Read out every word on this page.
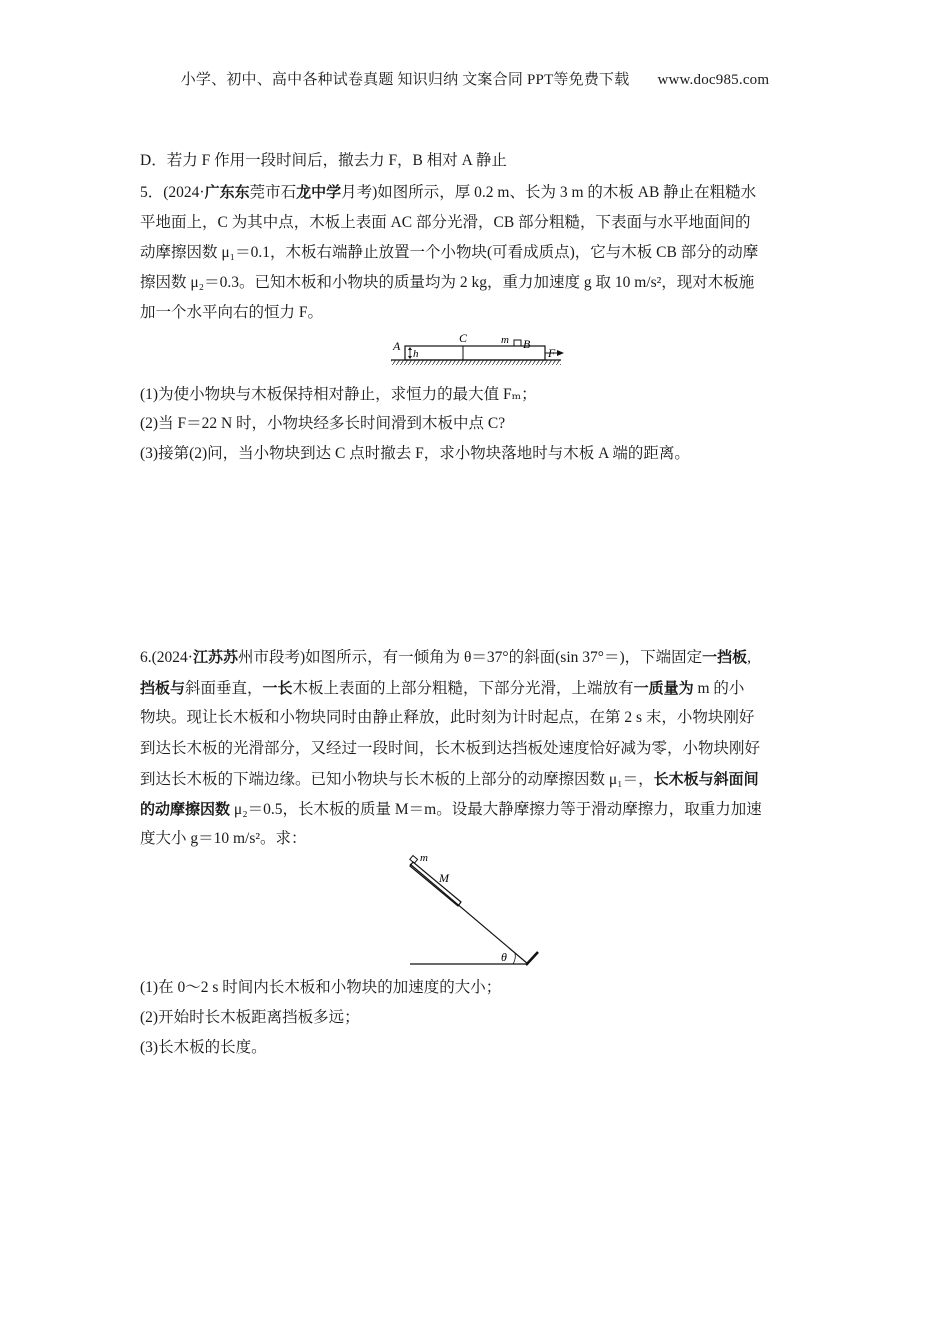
小学、初中、高中各种试卷真题 知识归纳 文案合同 PPT等免费下载 www.doc985.com
D．若力 F 作用一段时间后，撤去力 F，B 相对 A 静止
5．(2024·广东东莞市石龙中学月考)如图所示，厚 0.2 m、长为 3 m 的木板 AB 静止在粗糙水
平地面上，C 为其中点，木板上表面 AC 部分光滑，CB 部分粗糙，下表面与水平地面间的
动摩擦因数 μ₁＝0.1，木板右端静止放置一个小物块(可看成质点)，它与木板 CB 部分的动摩
擦因数 μ₂＝0.3。已知木板和小物块的质量均为 2 kg，重力加速度 g 取 10 m/s²，现对木板施
加一个水平向右的恒力 F。
A
h
C	m B
F
(1)为使小物块与木板保持相对静止，求恒力的最大值 Fₘ；
(2)当 F＝22 N 时，小物块经多长时间滑到木板中点 C?
(3)接第(2)问，当小物块到达 C 点时撤去 F，求小物块落地时与木板 A 端的距离。
6.(2024·江苏苏州市段考)如图所示，有一倾角为 θ＝37°的斜面(sin 37°＝)，下端固定一挡板,
挡板与斜面垂直，一长木板上表面的上部分粗糙，下部分光滑，上端放有一质量为 m 的小
物块。现让长木板和小物块同时由静止释放，此时刻为计时起点，在第 2 s 末，小物块刚好
到达长木板的光滑部分，又经过一段时间，长木板到达挡板处速度恰好减为零，小物块刚好
到达长木板的下端边缘。已知小物块与长木板的上部分的动摩擦因数 μ₁＝，长木板与斜面间
的动摩擦因数 μ₂＝0.5，长木板的质量 M＝m。设最大静摩擦力等于滑动摩擦力，取重力加速
度大小 g＝10 m/s²。求：
m
M
θ
(1)在 0～2 s 时间内长木板和小物块的加速度的大小；
(2)开始时长木板距离挡板多远；
(3)长木板的长度。
